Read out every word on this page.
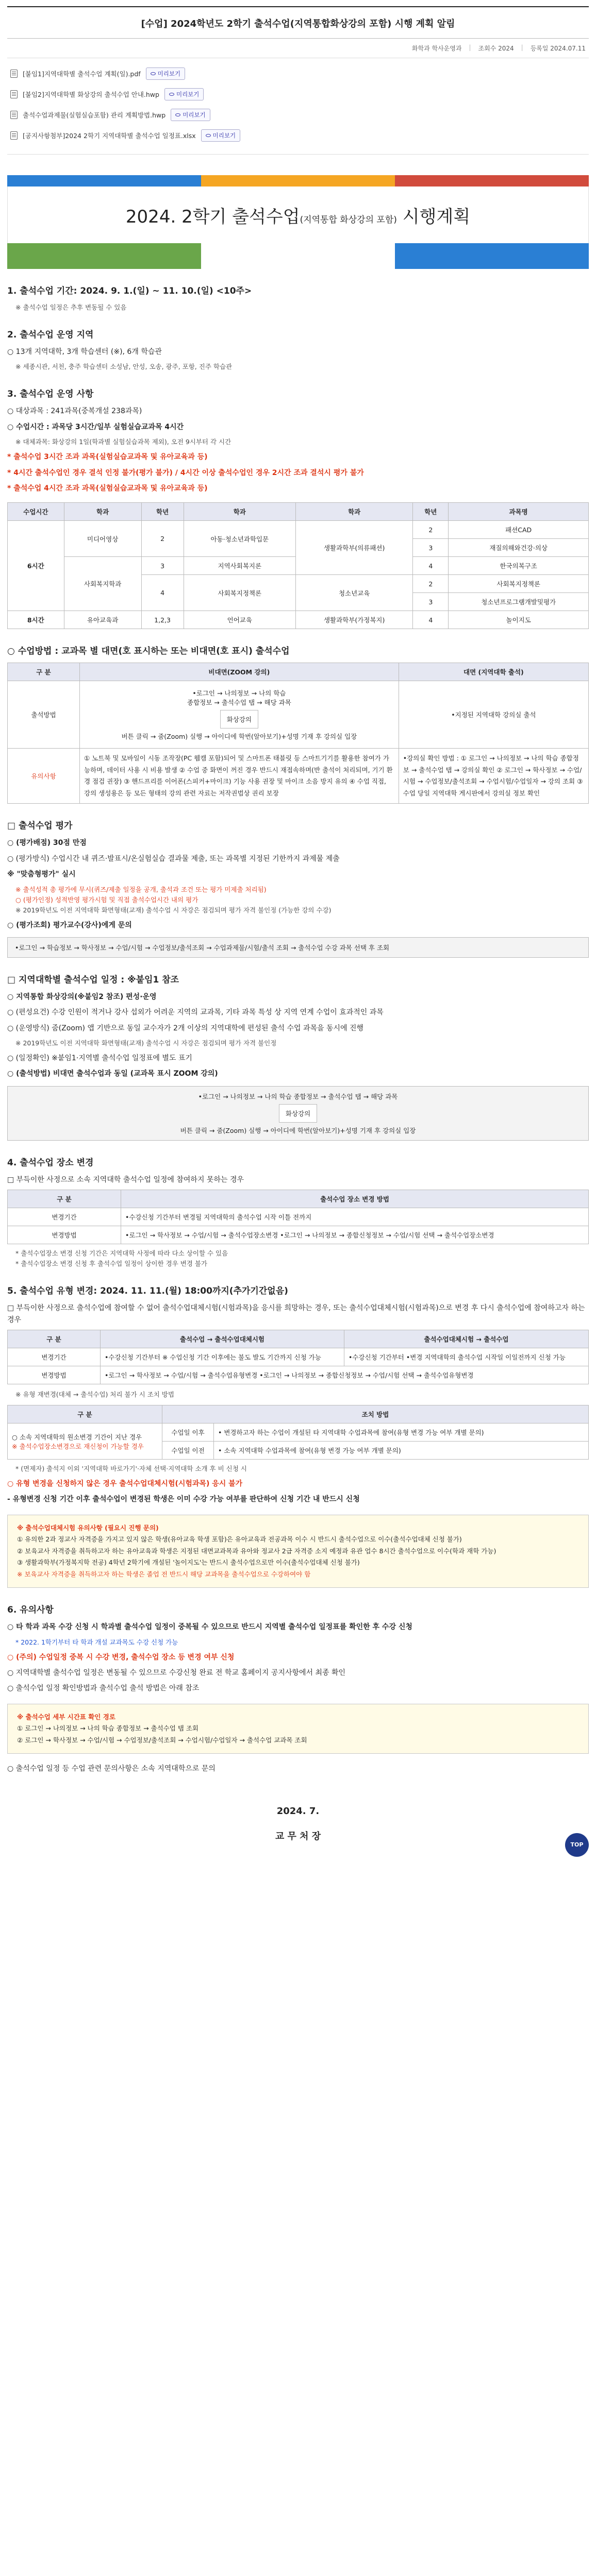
[수업] 2024학년도 2학기 출석수업(지역통합화상강의 포함) 시행 계획 알림
화학과 학사운영과 | 조회수 2024 | 등록일 2024.07.11
[붙임1]지역대학별 출석수업 계획(일).pdf	미리보기
[붙임2]지역대학별 화상강의 출석수업 안내.hwp	미리보기
출석수업과제물(실험실습포함) 관리 계획방법.hwp	미리보기
[공지사항첨부]2024 2학기 지역대학별 출석수업 일정표.xlsx	미리보기
2024. 2학기 출석수업(지역통합 화상강의 포함) 시행계획
1. 출석수업 기간: 2024. 9. 1.(일) ~ 11. 10.(일) <10주>
※ 출석수업 일정은 추후 변동될 수 있음
2. 출석수업 운영 지역
○ 13개 지역대학, 3개 학습센터 (※), 6개 학습관
※ 세종시관, 서천, 충주 학습센터 소성남, 안성, 오송, 광주, 포항, 진주 학습관
3. 출석수업 운영 사항
○ 대상과목 : 241과목(중복개설 238과목)
○ 수업시간 : 과목당 3시간/일부 실험실습교과목 4시간
※ 대체과목: 화상강의 1일(학과별 실험실습과목 제외), 오전 9시부터 각 시간
* 출석수업 3시간 조과 과목(실험실습교과목 및 유아교육과 등)
* 4시간 출석수업인 경우 결석 인정 불가(평가 불가) / 4시간 이상 출석수업인 경우 2시간 조과 결석시 평가 불가
* 출석수업 4시간 조과 과목(실험실습교과목 및 유아교육과 등)
수업시간	학과	학년	학과	학과	학년	과목명
6시간	미디어영상	2	아동·청소년과학입문	생활과학부(의류패션)	2	패션CAD
					3	재질의해와건강·의상
	사회복지학과	3	지역사회복지론		4	한국의복구조
		4	사회복지정책론	청소년교육	2	사회복지정책론
					3	청소년프로그램개발및평가
8시간	유아교육과	1,2,3	언어교육	생활과학부(가정복지)	4	놀이지도
○ 수업방법 : 교과목 별 대면(호 표시하는 또는 비대면(호 표시) 출석수업
구 분	비대면(ZOOM 강의)	대면 (지역대학 출석)
출석방법	•로그인 → 나의정보 → 나의 학습
종합정보 → 출석수업 탭 → 해당 과목
화상강의
버튼 클릭 → 줌(Zoom) 실행 → 아이디에 학번(알아보기)+성명 기재 후 강의실 입장	•지정된 지역대학 강의실 출석
유의사항	① 노트북 및 모바일이 시동 조작장(PC 웹캠 포함)되어 및 스마트폰 태블릿 등 스마트기기를 활용한 참여가 가능하며, 데이터 사용 시 비용 발생 ② 수업 중 화면이 꺼진 경우 반드시 재접속하며(반 출석이 처리되며, 기기 환경 점검 권장) ③ 핸드프리를 이어폰(스피커+마이크) 기능 사용 권장 및 마이크 소음 방지 유의 ④ 수업 직접, 강의 생성용은 등 모든 형태의 강의 관련 자료는 저작권법상 권리 보장	•강의실 확인 방법 : ① 로그인 → 나의정보 → 나의 학습 종합정보 → 출석수업 탭 → 강의실 확인 ② 로그인 → 학사정보 → 수업/시험 → 수업정보/출석조회 → 수업시험/수업일자 → 강의 조회 ③ 수업 당일 지역대학 게시판에서 강의실 정보 확인
□ 출석수업 평가
○ (평가배점) 30점 만점
○ (평가방식) 수업시간 내 퀴즈·발표시/온실험실습 결과물 제출, 또는 과목별 지정된 기한까지 과제물 제출
※ "맞춤형평가" 실시
※ 출석성적 총 평가에 무시(퀴즈/제출 일정을 공개, 출석과 조건 또는 평가 미제출 처리됨)
○ (평가인정) 성적반영 평가시험 및 직접 출석수업시간 내의 평가
※ 2019학년도 이전 지역대학 화면형태(교재) 출석수업 시 자강은 점검되며 평가 자격 불인정 (가능한 강의 수강)
○ (평가조회) 평가교수(강사)에게 문의
•로그인 → 학습정보 → 학사정보 → 수업/시험 → 수업정보/출석조회 → 수업과제물/시험/출석 조회 → 출석수업 수강 과목 선택 후 조회
□ 지역대학별 출석수업 일정 : ※붙임1 참조
○ 지역통합 화상강의(※붙임2 참조) 편성·운영
○ (편성요건) 수강 인원이 적거나 강사 섭외가 어려운 지역의 교과목, 기타 과목 특성 상 지역 연계 수업이 효과적인 과목
○ (운영방식) 줌(Zoom) 앱 기반으로 동일 교수자가 2개 이상의 지역대학에 편성된 출석 수업 과목을 동시에 진행
※ 2019학년도 이전 지역대학 화면형태(교재) 출석수업 시 자강은 점검되며 평가 자격 불인정
○ (일정확인) ※붙임1·지역별 출석수업 일정표에 별도 표기
○ (출석방법) 비대면 출석수업과 동일 (교과목 표시 ZOOM 강의)
•로그인 → 나의정보 → 나의 학습 종합정보 → 출석수업 탭 → 해당 과목
화상강의
버튼 클릭 → 줌(Zoom) 실행 → 아이디에 학번(알아보기)+성명 기재 후 강의실 입장
4. 출석수업 장소 변경
□ 부득이한 사정으로 소속 지역대학 출석수업 일정에 참여하지 못하는 경우
구 분	출석수업 장소 변경 방법
변경기간	•수강신청 기간부터 변경될 지역대학의 출석수업 시작 이틀 전까지
변경방법	•로그인 → 학사정보 → 수업/시험 → 출석수업장소변경 •로그인 → 나의정보 → 종합신청정보 → 수업/시험 선택 → 출석수업장소변경
* 출석수업장소 변경 신청 기간은 지역대학 사정에 따라 다소 상이할 수 있음
* 출석수업장소 변경 신청 후 출석수업 일정이 상이한 경우 변경 불가
5. 출석수업 유형 변경: 2024. 11. 11.(월) 18:00까지(추가기간없음)
□ 부득이한 사정으로 출석수업에 참여할 수 없어 출석수업대체시험(시험과목)을 응시를 희망하는 경우, 또는 출석수업대체시험(시험과목)으로 변경 후 다시 출석수업에 참여하고자 하는 경우
구 분	출석수업 → 출석수업대체시험	출석수업대체시험 → 출석수업
변경기간	•수강신청 기간부터 ※ 수업신청 기간 이후에는 불도 발도 기간까지 신청 가능	•수강신청 기간부터 •변경 지역대학의 출석수업 시작일 이일전까지 신청 가능
변경방법	•로그인 → 학사정보 → 수업/시험 → 출석수업유형변경 •로그인 → 나의정보 → 종합신청정보 → 수업/시험 선택 → 출석수업유형변경	
※ 유형 재변경(대체 → 출석수업) 처리 불가 시 조치 방법
구 분	조치 방법	

○ 소속 지역대학의 원소변경 기간이 지난 경우
※ 출석수업장소변경으로 재신청이 가능할 경우	수업일 이후	• 변경하고자 하는 수업이 개설된 타 지역대학 수업과목에 참여(유형 변경 가능 여부 개별 문의)
	수업일 이전	• 소속 지역대학 수업과목에 참여(유형 변경 가능 여부 개별 문의)
* (면제자) 출석지 이외 '지역대학 바로가기'·자체 선택·지역대학 소개 후 비 신청 시
○ 유형 변경을 신청하지 않은 경우 출석수업대체시험(시험과목) 응시 불가
- 유형변경 신청 기간 이후 출석수업이 변경된 학생은 이미 수강 가능 여부를 판단하여 신청 기간 내 반드시 신청
※ 출석수업대체시험 유의사항 (필요시 진행 문의)
① 유의한 2과 정교사 자격증을 가지고 있지 않은 학생(유아교육 학생 포함)은 유아교육과 전공과목 이수 시 반드시 출석수업으로 이수(출석수업대체 신청 불가)
② 보육교사 자격증을 취득하고자 하는 유아교육과 학생은 지정된 대면교과목과 유아와 정교사 2급 자격증 소지 예정과 유관 업수 8시간 출석수업으로 이수(학과 재학 가능)
③ 생활과학부(가정복지학 전공) 4학년 2학기에 개설된 '놀이지도'는 반드시 출석수업으로만 이수(출석수업대체 신청 불가)
※ 보육교사 자격증을 취득하고자 하는 학생은 졸업 전 반드시 해당 교과목을 출석수업으로 수강하여야 함
6. 유의사항
○ 타 학과 과목 수강 신청 시 학과별 출석수업 일정이 중복될 수 있으므로 반드시 지역별 출석수업 일정표를 확인한 후 수강 신청
* 2022. 1학기부터 타 학과 개설 교과목도 수강 신청 가능
○ (주의) 수업일정 중복 시 수강 변경, 출석수업 장소 등 변경 여부 신청
○ 지역대학별 출석수업 일정은 변동될 수 있으므로 수강신청 완료 전 학교 홈페이지 공지사항에서 최종 확인
○ 출석수업 일정 확인방법과 출석수업 출석 방법은 아래 참조
※ 출석수업 세부 시간표 확인 경로
① 로그인 → 나의정보 → 나의 학습 종합정보 → 출석수업 탭 조회
② 로그인 → 학사정보 → 수업/시험 → 수업정보/출석조회 → 수업시험/수업일자 → 출석수업 교과목 조회
○ 출석수업 일정 등 수업 관련 문의사항은 소속 지역대학으로 문의
2024. 7.
교 무 처 장
TOP
